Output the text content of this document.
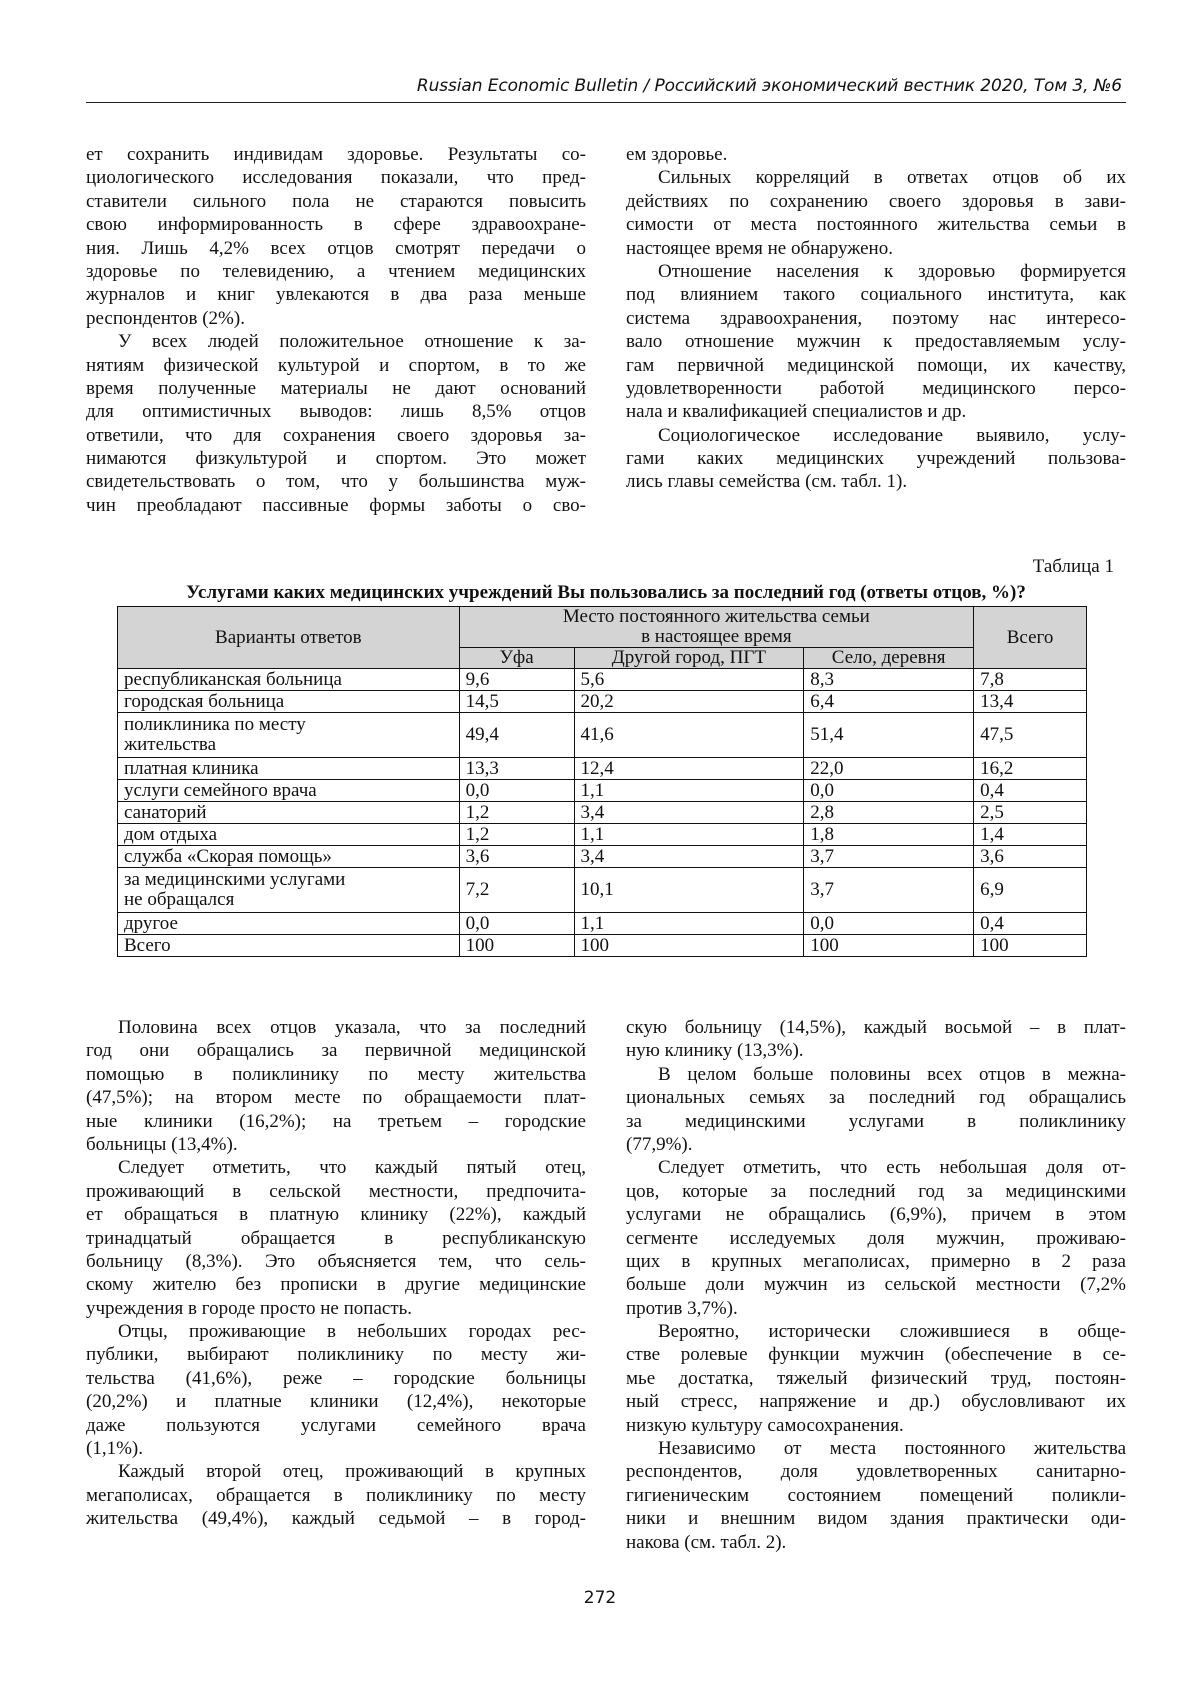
Russian Economic Bulletin / Российский экономический вестник 2020, Том 3, №6
ет сохранить индивидам здоровье. Результаты со-
циологического исследования показали, что пред-
ставители сильного пола не стараются повысить
свою информированность в сфере здравоохране-
ния. Лишь 4,2% всех отцов смотрят передачи о
здоровье по телевидению, а чтением медицинских
журналов и книг увлекаются в два раза меньше
респондентов (2%).
У всех людей положительное отношение к за-
нятиям физической культурой и спортом, в то же
время полученные материалы не дают оснований
для оптимистичных выводов: лишь 8,5% отцов
ответили, что для сохранения своего здоровья за-
нимаются физкультурой и спортом. Это может
свидетельствовать о том, что у большинства муж-
чин преобладают пассивные формы заботы о сво-
ем здоровье.
Сильных корреляций в ответах отцов об их
действиях по сохранению своего здоровья в зави-
симости от места постоянного жительства семьи в
настоящее время не обнаружено.
Отношение населения к здоровью формируется
под влиянием такого социального института, как
система здравоохранения, поэтому нас интересо-
вало отношение мужчин к предоставляемым услу-
гам первичной медицинской помощи, их качеству,
удовлетворенности работой медицинского персо-
нала и квалификацией специалистов и др.
Социологическое исследование выявило, услу-
гами каких медицинских учреждений пользова-
лись главы семейства (см. табл. 1).
Таблица 1
Услугами каких медицинских учреждений Вы пользовались за последний год (ответы отцов, %)?
Варианты ответов	Место постоянного жительства семьи
в настоящее время			Всего
	Уфа	Другой город, ПГТ	Село, деревня	
республиканская больница	9,6	5,6	8,3	7,8
городская больница	14,5	20,2	6,4	13,4
поликлиника по месту
жительства	49,4	41,6	51,4	47,5
платная клиника	13,3	12,4	22,0	16,2
услуги семейного врача	0,0	1,1	0,0	0,4
санаторий	1,2	3,4	2,8	2,5
дом отдыха	1,2	1,1	1,8	1,4
служба «Скорая помощь»	3,6	3,4	3,7	3,6
за медицинскими услугами
не обращался	7,2	10,1	3,7	6,9
другое	0,0	1,1	0,0	0,4
Всего	100	100	100	100
Половина всех отцов указала, что за последний
год они обращались за первичной медицинской
помощью в поликлинику по месту жительства
(47,5%); на втором месте по обращаемости плат-
ные клиники (16,2%); на третьем – городские
больницы (13,4%).
Следует отметить, что каждый пятый отец,
проживающий в сельской местности, предпочита-
ет обращаться в платную клинику (22%), каждый
тринадцатый обращается в республиканскую
больницу (8,3%). Это объясняется тем, что сель-
скому жителю без прописки в другие медицинские
учреждения в городе просто не попасть.
Отцы, проживающие в небольших городах рес-
публики, выбирают поликлинику по месту жи-
тельства (41,6%), реже – городские больницы
(20,2%) и платные клиники (12,4%), некоторые
даже пользуются услугами семейного врача
(1,1%).
Каждый второй отец, проживающий в крупных
мегаполисах, обращается в поликлинику по месту
жительства (49,4%), каждый седьмой – в город-
скую больницу (14,5%), каждый восьмой – в плат-
ную клинику (13,3%).
В целом больше половины всех отцов в межна-
циональных семьях за последний год обращались
за медицинскими услугами в поликлинику
(77,9%).
Следует отметить, что есть небольшая доля от-
цов, которые за последний год за медицинскими
услугами не обращались (6,9%), причем в этом
сегменте исследуемых доля мужчин, проживаю-
щих в крупных мегаполисах, примерно в 2 раза
больше доли мужчин из сельской местности (7,2%
против 3,7%).
Вероятно, исторически сложившиеся в обще-
стве ролевые функции мужчин (обеспечение в се-
мье достатка, тяжелый физический труд, постоян-
ный стресс, напряжение и др.) обусловливают их
низкую культуру самосохранения.
Независимо от места постоянного жительства
респондентов, доля удовлетворенных санитарно-
гигиеническим состоянием помещений поликли-
ники и внешним видом здания практически оди-
накова (см. табл. 2).
272
